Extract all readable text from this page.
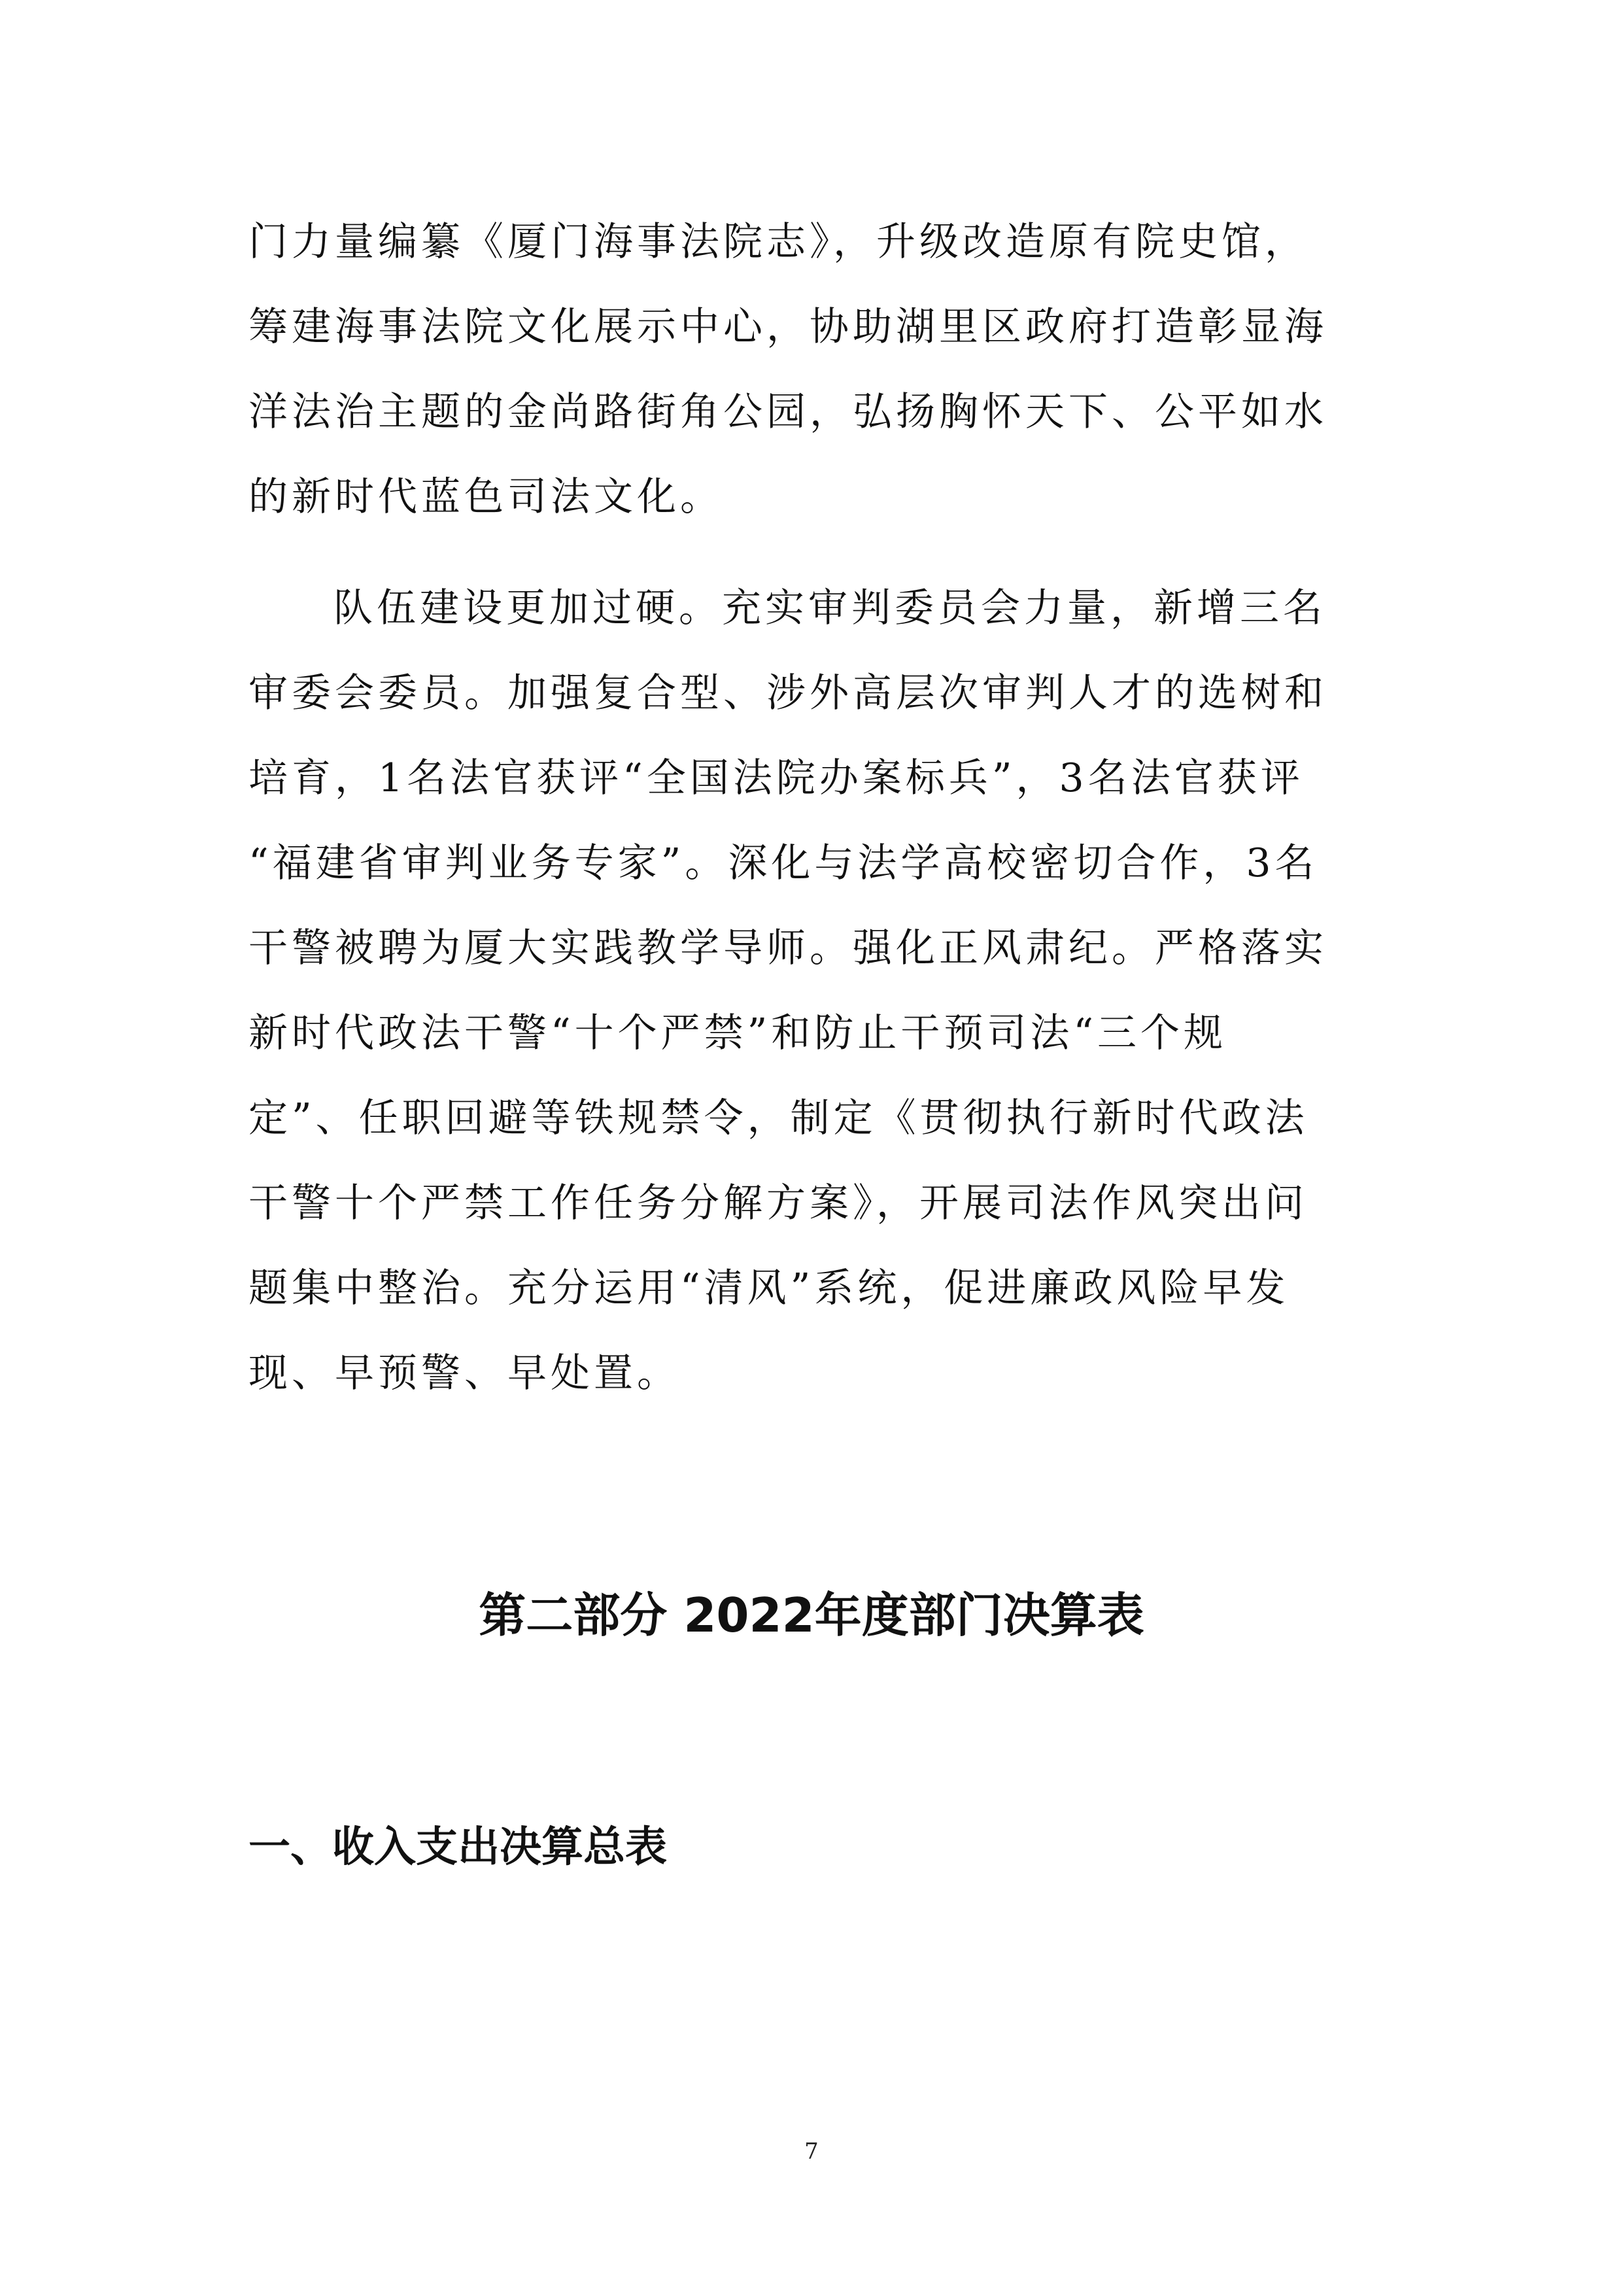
门力量编纂《厦门海事法院志》，升级改造原有院史馆，
筹建海事法院文化展示中心，协助湖里区政府打造彰显海
洋法治主题的金尚路街角公园，弘扬胸怀天下、公平如水
的新时代蓝色司法文化。
队伍建设更加过硬。充实审判委员会力量，新增三名
审委会委员。加强复合型、涉外高层次审判人才的选树和
培育，1名法官获评“全国法院办案标兵”，3名法官获评
“福建省审判业务专家”。深化与法学高校密切合作，3名
干警被聘为厦大实践教学导师。强化正风肃纪。严格落实
新时代政法干警“十个严禁”和防止干预司法“三个规
定”、任职回避等铁规禁令，制定《贯彻执行新时代政法
干警十个严禁工作任务分解方案》，开展司法作风突出问
题集中整治。充分运用“清风”系统，促进廉政风险早发
现、早预警、早处置。
第二部分 2022年度部门决算表
一、收入支出决算总表
7
